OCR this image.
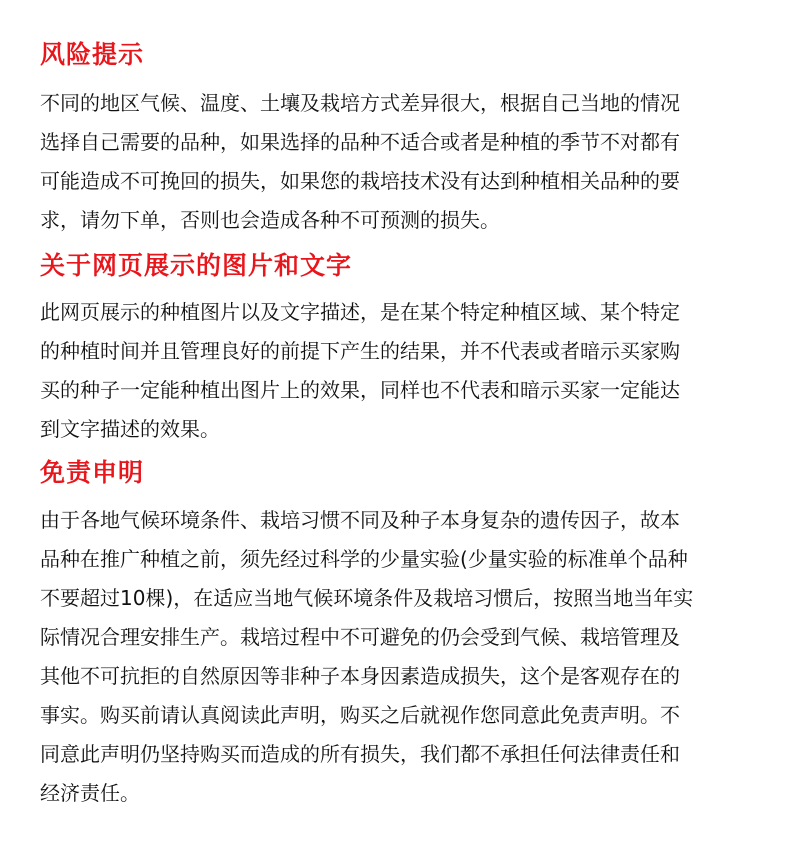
风险提示
不同的地区气候、温度、土壤及栽培方式差异很大，根据自己当地的情况
选择自己需要的品种，如果选择的品种不适合或者是种植的季节不对都有
可能造成不可挽回的损失，如果您的栽培技术没有达到种植相关品种的要
求，请勿下单，否则也会造成各种不可预测的损失。
关于网页展示的图片和文字
此网页展示的种植图片以及文字描述，是在某个特定种植区域、某个特定
的种植时间并且管理良好的前提下产生的结果，并不代表或者暗示买家购
买的种子一定能种植出图片上的效果，同样也不代表和暗示买家一定能达
到文字描述的效果。
免责申明
由于各地气候环境条件、栽培习惯不同及种子本身复杂的遗传因子，故本
品种在推广种植之前，须先经过科学的少量实验(少量实验的标准单个品种
不要超过10棵)，在适应当地气候环境条件及栽培习惯后，按照当地当年实
际情况合理安排生产。栽培过程中不可避免的仍会受到气候、栽培管理及
其他不可抗拒的自然原因等非种子本身因素造成损失，这个是客观存在的
事实。购买前请认真阅读此声明，购买之后就视作您同意此免责声明。不
同意此声明仍坚持购买而造成的所有损失，我们都不承担任何法律责任和
经济责任。
